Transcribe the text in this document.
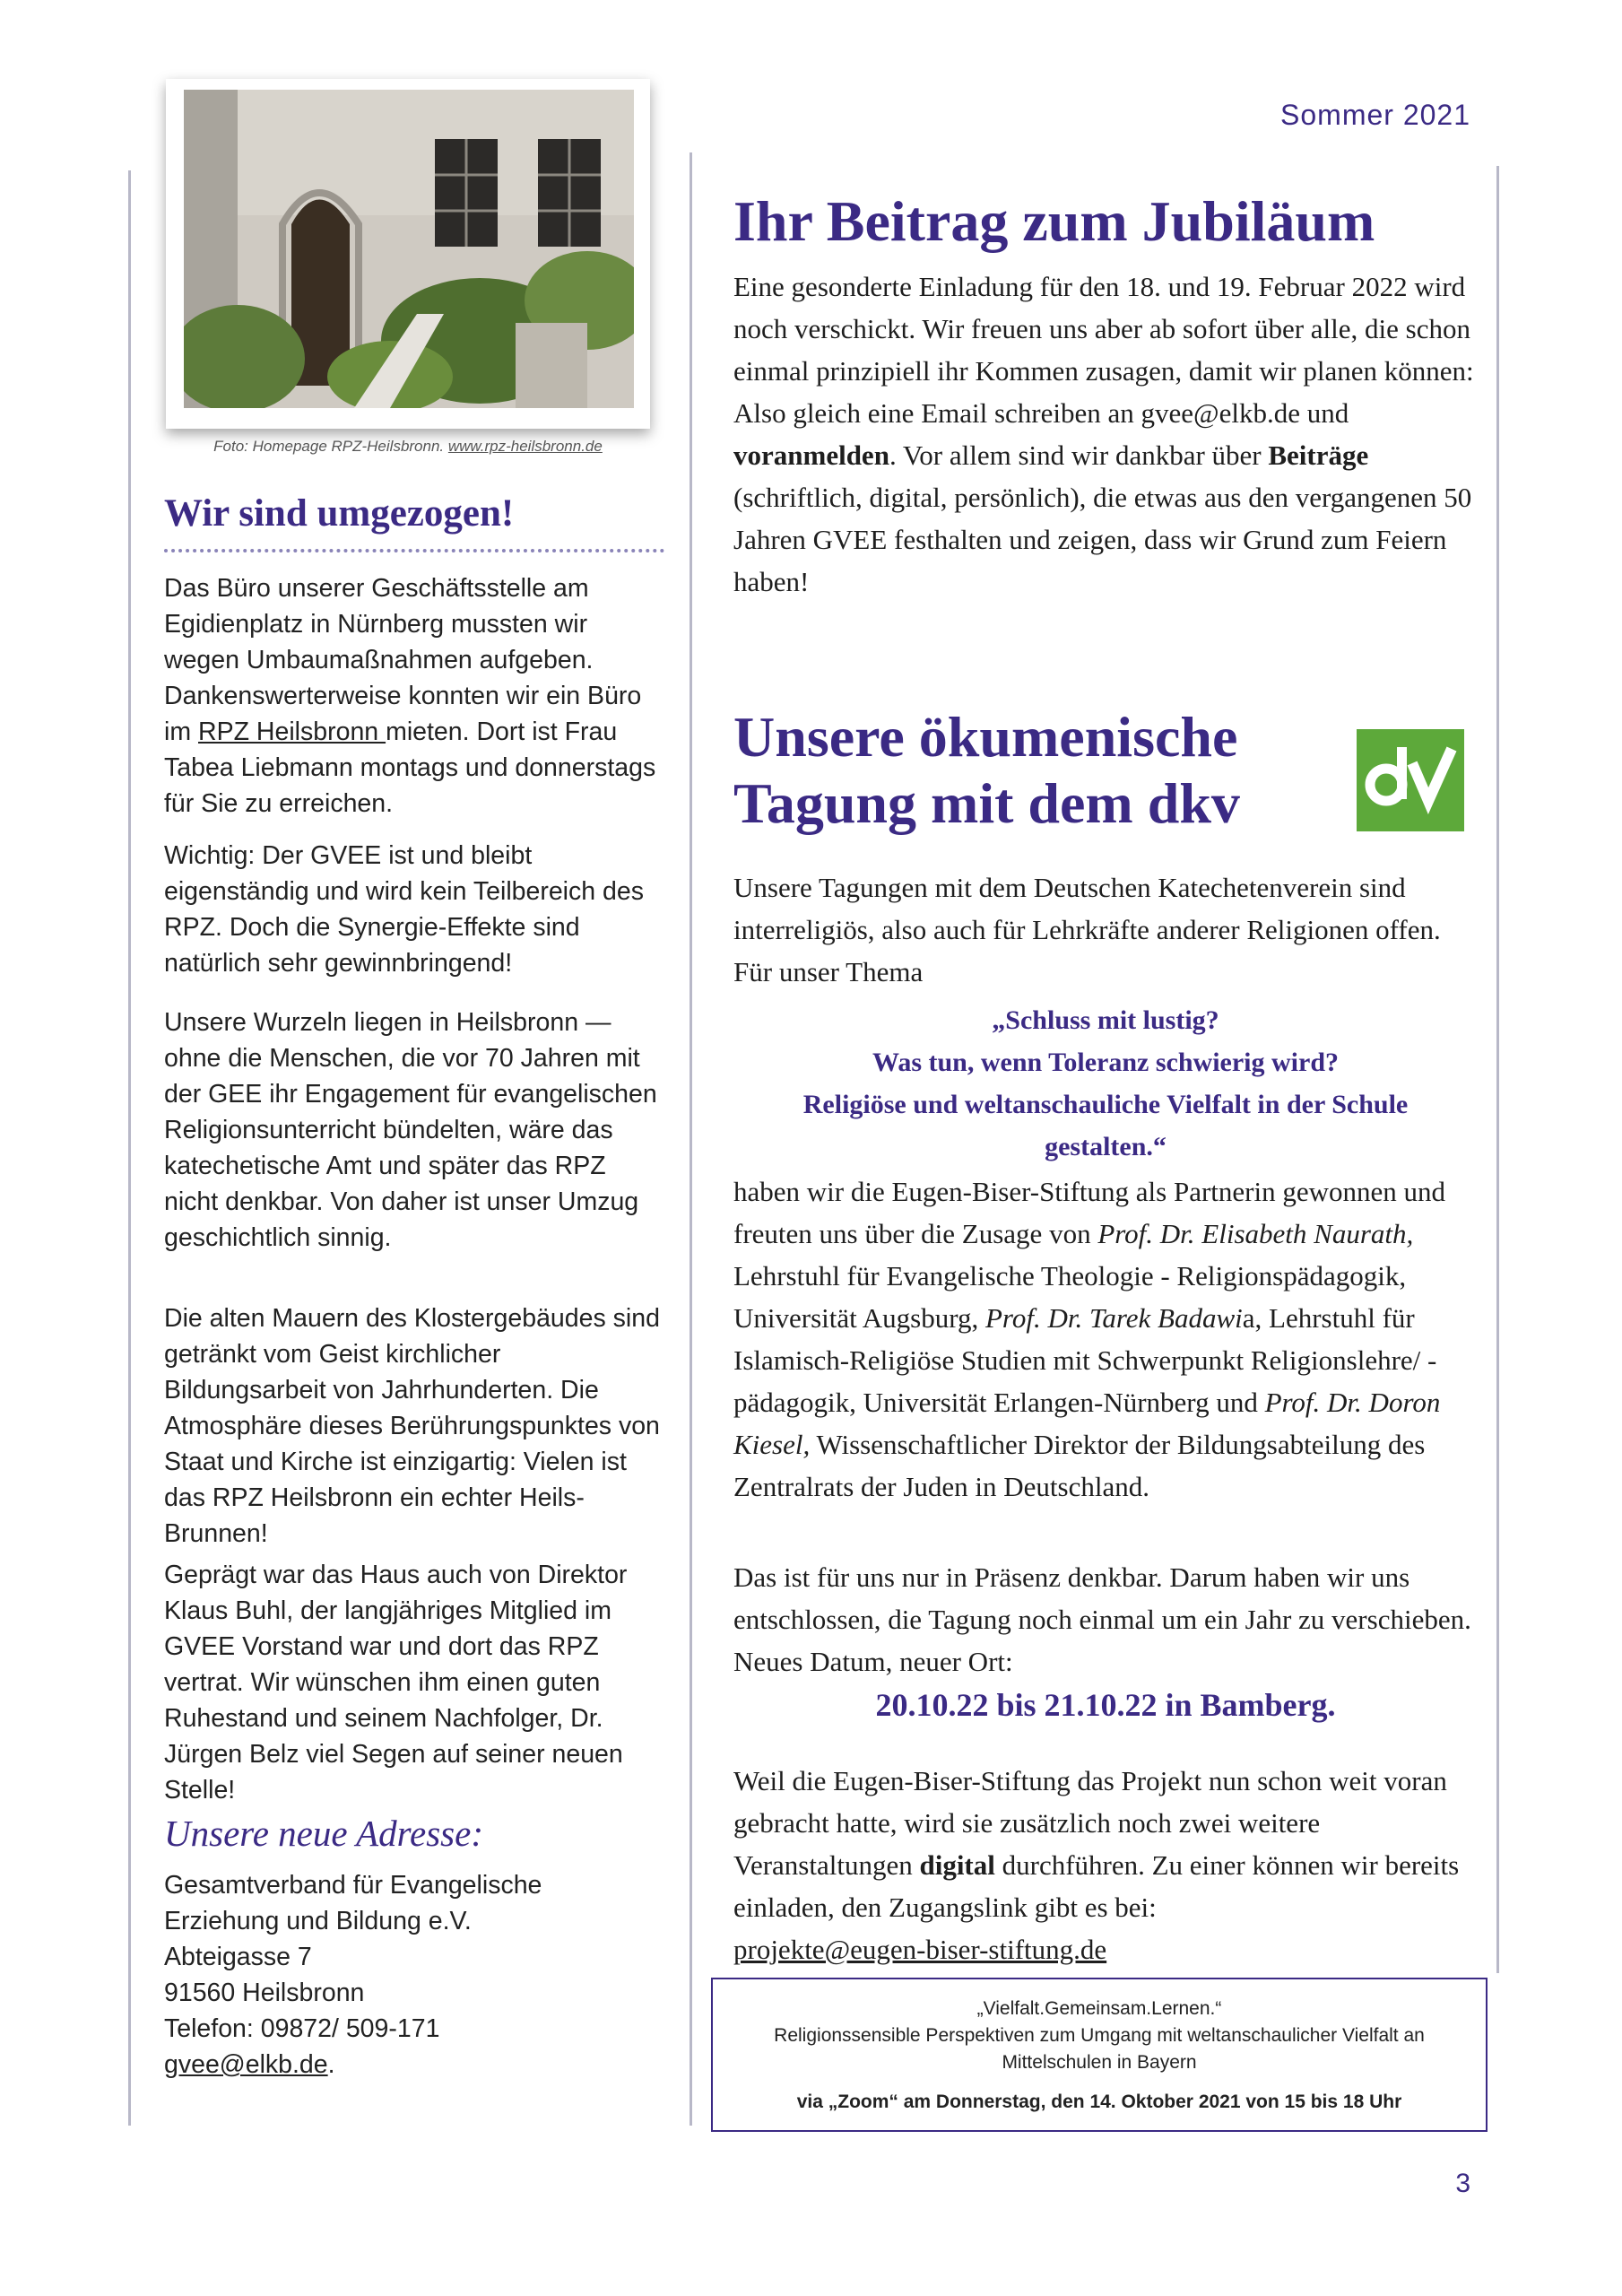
Sommer 2021
Foto: Homepage RPZ-Heilsbronn. www.rpz-heilsbronn.de
Wir sind umgezogen!
Das Büro unserer Geschäftsstelle am Egidienplatz in Nürnberg mussten wir wegen Umbaumaßnahmen aufgeben. Dankenswerterweise konnten wir ein Büro im RPZ Heilsbronn mieten. Dort ist Frau Tabea Liebmann montags und donnerstags für Sie zu erreichen.
Wichtig: Der GVEE ist und bleibt eigenständig und wird kein Teilbereich des RPZ. Doch die Synergie-Effekte sind natürlich sehr gewinnbringend!
Unsere Wurzeln liegen in Heilsbronn — ohne die Menschen, die vor 70 Jahren mit der GEE ihr Engagement für evangelischen Religionsunterricht bündelten, wäre das katechetische Amt und später das RPZ nicht denkbar. Von daher ist unser Umzug geschichtlich sinnig.
Die alten Mauern des Klostergebäudes sind getränkt vom Geist kirchlicher Bildungsarbeit von Jahrhunderten. Die Atmosphäre dieses Berührungspunktes von Staat und Kirche ist einzigartig: Vielen ist das RPZ Heilsbronn ein echter Heils-Brunnen!
Geprägt war das Haus auch von Direktor Klaus Buhl, der langjähriges Mitglied im GVEE Vorstand war und dort das RPZ vertrat. Wir wünschen ihm einen guten Ruhestand und seinem Nachfolger, Dr. Jürgen Belz viel Segen auf seiner neuen Stelle!
Unsere neue Adresse:
Gesamtverband für Evangelische
Erziehung und Bildung e.V.
Abteigasse 7
91560 Heilsbronn
Telefon: 09872/ 509-171
gvee@elkb.de.
Ihr Beitrag zum Jubiläum
Eine gesonderte Einladung für den 18. und 19. Februar 2022 wird noch verschickt. Wir freuen uns aber ab sofort über alle, die schon einmal prinzipiell ihr Kommen zusagen, damit wir planen können: Also gleich eine Email schreiben an gvee@elkb.de und voranmelden. Vor allem sind wir dankbar über Beiträge (schriftlich, digital, persönlich), die etwas aus den vergangenen 50 Jahren GVEE festhalten und zeigen, dass wir Grund zum Feiern haben!
Unsere ökumenische
Tagung mit dem dkv
Unsere Tagungen mit dem Deutschen Katechetenverein sind interreligiös, also auch für Lehrkräfte anderer Religionen offen. Für unser Thema
„Schluss mit lustig?
Was tun, wenn Toleranz schwierig wird?
Religiöse und weltanschauliche Vielfalt in der Schule
gestalten.“
haben wir die Eugen-Biser-Stiftung als Partnerin gewonnen und freuten uns über die Zusage von Prof. Dr. Elisabeth Naurath, Lehrstuhl für Evangelische Theologie - Religionspädagogik, Universität Augsburg, Prof. Dr. Tarek Badawia, Lehrstuhl für Islamisch-Religiöse Studien mit Schwerpunkt Religionslehre/ -pädagogik, Universität Erlangen-Nürnberg und Prof. Dr. Doron Kiesel, Wissenschaftlicher Direktor der Bildungsabteilung des Zentralrats der Juden in Deutschland.
Das ist für uns nur in Präsenz denkbar. Darum haben wir uns entschlossen, die Tagung noch einmal um ein Jahr zu verschieben. Neues Datum, neuer Ort:
20.10.22 bis 21.10.22 in Bamberg.
Weil die Eugen-Biser-Stiftung das Projekt nun schon weit voran gebracht hatte, wird sie zusätzlich noch zwei weitere Veranstaltungen digital durchführen. Zu einer können wir bereits einladen, den Zugangslink gibt es bei:
projekte@eugen-biser-stiftung.de
„Vielfalt.Gemeinsam.Lernen.“
Religionssensible Perspektiven zum Umgang mit weltanschaulicher Vielfalt an
Mittelschulen in Bayern
via „Zoom“ am Donnerstag, den 14. Oktober 2021 von 15 bis 18 Uhr
3
